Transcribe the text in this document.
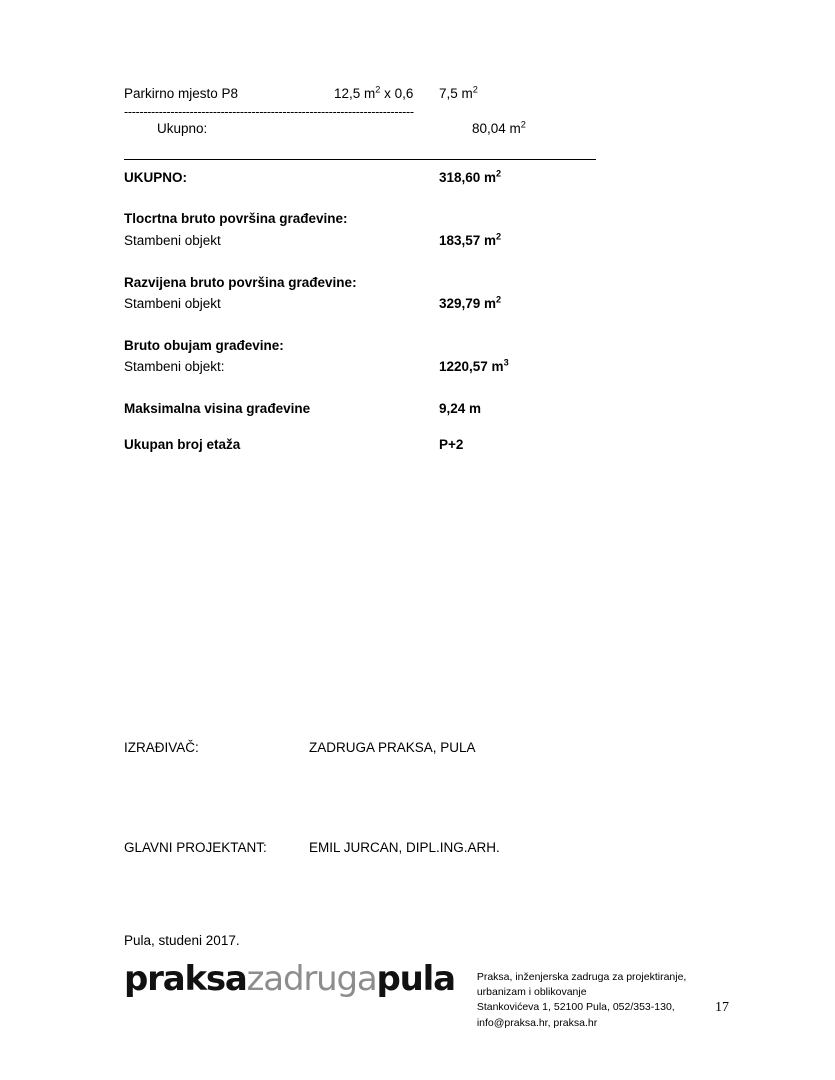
Parkirno mjesto P8	12,5 $m^2$ x 0,6	7,5 $m^2$
---------------------------------------------------------------------------
Ukupno:	80,04 $m^2$
UKUPNO:	318,60 $m^2$
Tlocrtna bruto površina građevine:
Stambeni objekt	183,57 $m^2$
Razvijena bruto površina građevine:
Stambeni objekt	329,79 $m^2$
Bruto obujam građevine:
Stambeni objekt:	1220,57 $m^3$
Maksimalna visina građevine	9,24 m
Ukupan broj etaža	P+2
IZRAĐIVAČ:	ZADRUGA PRAKSA, PULA
GLAVNI PROJEKTANT:	EMIL JURCAN, DIPL.ING.ARH.
Pula, studeni 2017.
praksazadrugapula Praksa, inženjerska zadruga za projektiranje, urbanizam i oblikovanje
Stankovićeva 1, 52100 Pula, 052/353-130, info@praksa.hr, praksa.hr
17
